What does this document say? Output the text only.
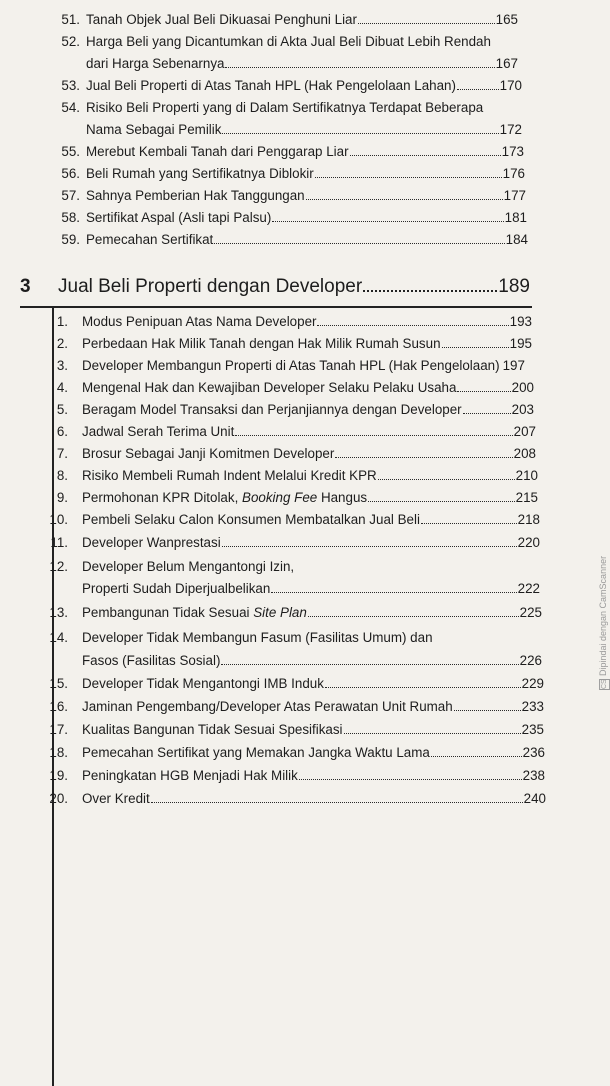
51. Tanah Objek Jual Beli Dikuasai Penghuni Liar	165
52. Harga Beli yang Dicantumkan di Akta Jual Beli Dibuat Lebih Rendah
dari Harga Sebenarnya	167
53. Jual Beli Properti di Atas Tanah HPL (Hak Pengelolaan Lahan)	170
54. Risiko Beli Properti yang di Dalam Sertifikatnya Terdapat Beberapa
Nama Sebagai Pemilik	172
55. Merebut Kembali Tanah dari Penggarap Liar	173
56. Beli Rumah yang Sertifikatnya Diblokir	176
57. Sahnya Pemberian Hak Tanggungan	177
58. Sertifikat Aspal (Asli tapi Palsu)	181
59. Pemecahan Sertifikat	184
3 Jual Beli Properti dengan Developer	189
1. Modus Penipuan Atas Nama Developer	193
2. Perbedaan Hak Milik Tanah dengan Hak Milik Rumah Susun	195
3. Developer Membangun Properti di Atas Tanah HPL (Hak Pengelolaan) 197
4. Mengenal Hak dan Kewajiban Developer Selaku Pelaku Usaha	200
5. Beragam Model Transaksi dan Perjanjiannya dengan Developer	203
6. Jadwal Serah Terima Unit	207
7. Brosur Sebagai Janji Komitmen Developer	208
8. Risiko Membeli Rumah Indent Melalui Kredit KPR	210
9. Permohonan KPR Ditolak, Booking Fee Hangus	215
10. Pembeli Selaku Calon Konsumen Membatalkan Jual Beli	218
11. Developer Wanprestasi	220
12. Developer Belum Mengantongi Izin,
Properti Sudah Diperjualbelikan	222
13. Pembangunan Tidak Sesuai Site Plan	225
14. Developer Tidak Membangun Fasum (Fasilitas Umum) dan
Fasos (Fasilitas Sosial)	226
15. Developer Tidak Mengantongi IMB Induk	229
16. Jaminan Pengembang/Developer Atas Perawatan Unit Rumah	233
17. Kualitas Bangunan Tidak Sesuai Spesifikasi	235
18. Pemecahan Sertifikat yang Memakan Jangka Waktu Lama	236
19. Peningkatan HGB Menjadi Hak Milik	238
20. Over Kredit	240
CSDipindai dengan CamScanner
